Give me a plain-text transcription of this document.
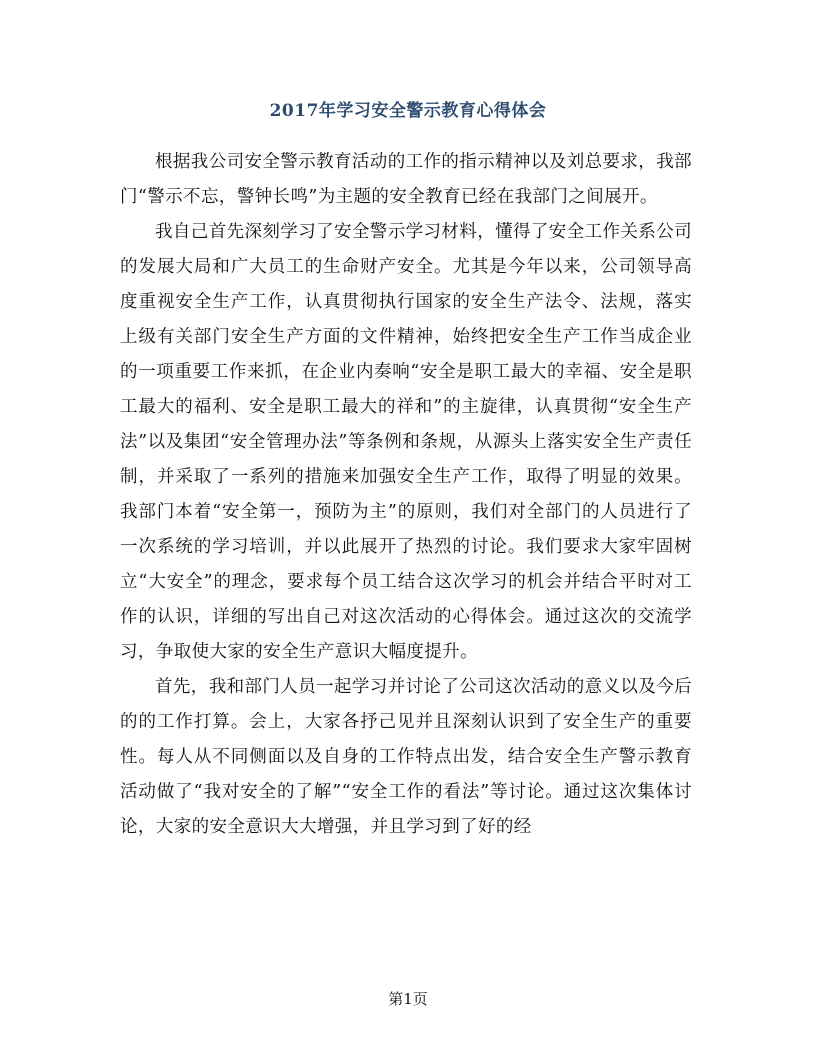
2017年学习安全警示教育心得体会

根据我公司安全警示教育活动的工作的指示精神以及刘总要求，我部门“警示不忘，警钟长鸣”为主题的安全教育已经在我部门之间展开。

我自己首先深刻学习了安全警示学习材料，懂得了安全工作关系公司的发展大局和广大员工的生命财产安全。尤其是今年以来，公司领导高度重视安全生产工作，认真贯彻执行国家的安全生产法令、法规，落实上级有关部门安全生产方面的文件精神，始终把安全生产工作当成企业的一项重要工作来抓，在企业内奏响“安全是职工最大的幸福、安全是职工最大的福利、安全是职工最大的祥和”的主旋律，认真贯彻“安全生产法”以及集团“安全管理办法”等条例和条规，从源头上落实安全生产责任制，并采取了一系列的措施来加强安全生产工作，取得了明显的效果。我部门本着“安全第一，预防为主”的原则，我们对全部门的人员进行了一次系统的学习培训，并以此展开了热烈的讨论。我们要求大家牢固树立“大安全”的理念，要求每个员工结合这次学习的机会并结合平时对工作的认识，详细的写出自己对这次活动的心得体会。通过这次的交流学习，争取使大家的安全生产意识大幅度提升。

首先，我和部门人员一起学习并讨论了公司这次活动的意义以及今后的的工作打算。会上，大家各抒己见并且深刻认识到了安全生产的重要性。每人从不同侧面以及自身的工作特点出发，结合安全生产警示教育活动做了“我对安全的了解”“安全工作的看法”等讨论。通过这次集体讨论，大家的安全意识大大增强，并且学习到了好的经

第1页
